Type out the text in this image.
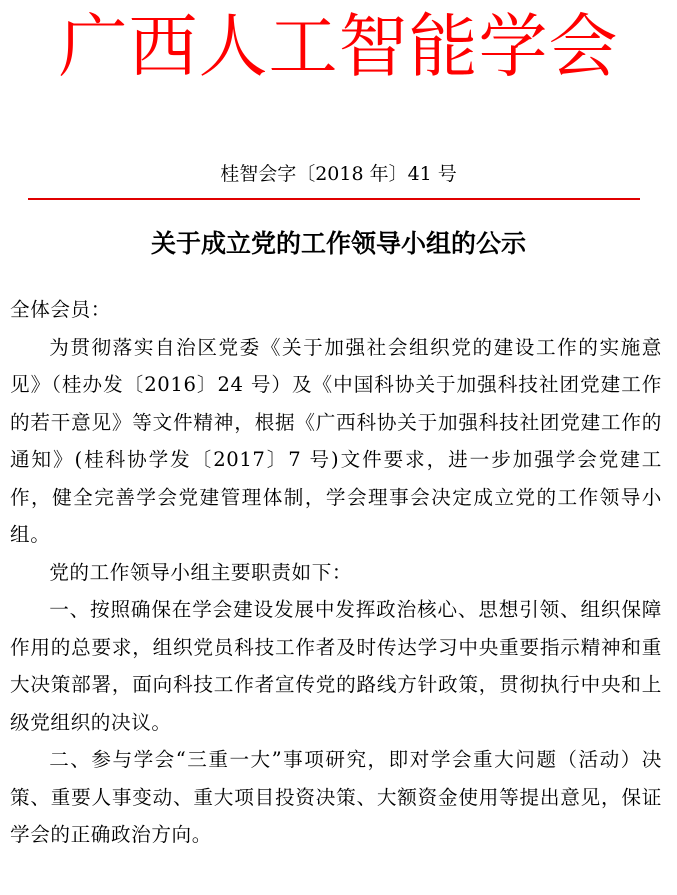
广西人工智能学会
桂智会字〔2018 年〕41 号
关于成立党的工作领导小组的公示

全体会员：

为贯彻落实自治区党委《关于加强社会组织党的建设工作的实施意见》（桂办发〔2016〕24 号）及《中国科协关于加强科技社团党建工作的若干意见》等文件精神，根据《广西科协关于加强科技社团党建工作的通知》(桂科协学发〔2017〕7 号)文件要求，进一步加强学会党建工作，健全完善学会党建管理体制，学会理事会决定成立党的工作领导小组。

党的工作领导小组主要职责如下：

一、按照确保在学会建设发展中发挥政治核心、思想引领、组织保障作用的总要求，组织党员科技工作者及时传达学习中央重要指示精神和重大决策部署，面向科技工作者宣传党的路线方针政策，贯彻执行中央和上级党组织的决议。

二、参与学会“三重一大”事项研究，即对学会重大问题（活动）决策、重要人事变动、重大项目投资决策、大额资金使用等提出意见，保证学会的正确政治方向。
